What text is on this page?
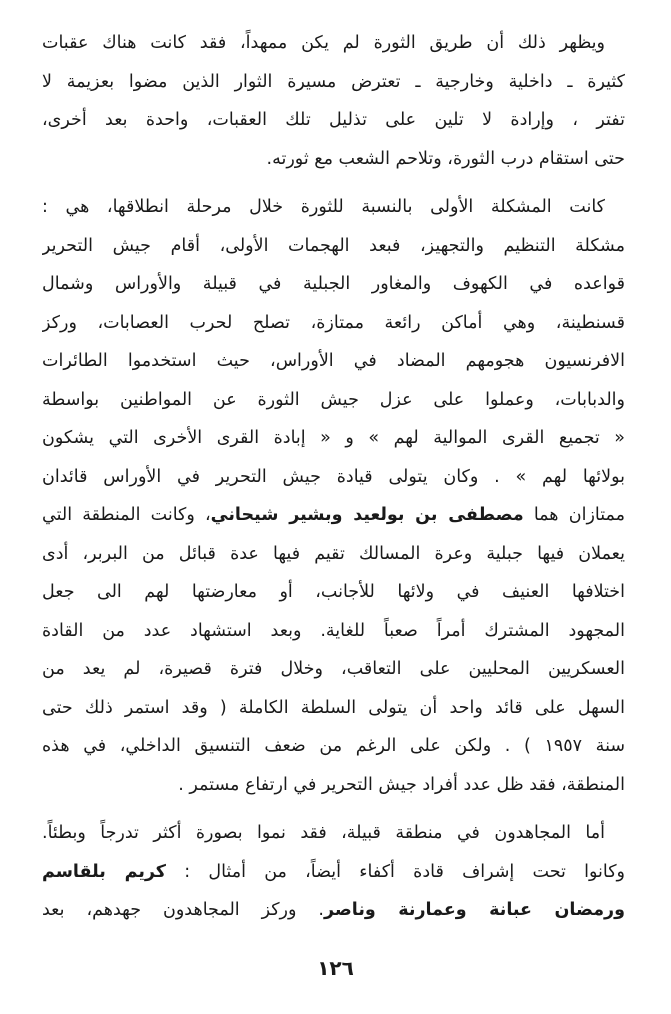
ويظهر ذلك أن طريق الثورة لم يكن ممهداً، فقد كانت هناك عقبات
كثيرة ـ داخلية وخارجية ـ تعترض مسيرة الثوار الذين مضوا بعزيمة لا
تفتر ، وإرادة لا تلين على تذليل تلك العقبات، واحدة بعد أخرى،
حتى استقام درب الثورة، وتلاحم الشعب مع ثورته.
كانت المشكلة الأولى بالنسبة للثورة خلال مرحلة انطلاقها، هي :
مشكلة التنظيم والتجهيز، فبعد الهجمات الأولى، أقام جيش التحرير
قواعده في الكهوف والمغاور الجبلية في قبيلة والأوراس وشمال
قسنطينة، وهي أماكن رائعة ممتازة، تصلح لحرب العصابات، وركز
الافرنسيون هجومهم المضاد في الأوراس، حيث استخدموا الطائرات
والدبابات، وعملوا على عزل جيش الثورة عن المواطنين بواسطة
« تجميع القرى الموالية لهم » و « إبادة القرى الأخرى التي يشكون
بولائها لهم » . وكان يتولى قيادة جيش التحرير في الأوراس قائدان
ممتازان هما مصطفى بن بولعيد وبشير شيحاني، وكانت المنطقة التي
يعملان فيها جبلية وعرة المسالك تقيم فيها عدة قبائل من البربر، أدى
اختلافها العنيف في ولائها للأجانب، أو معارضتها لهم الى جعل
المجهود المشترك أمراً صعباً للغاية. وبعد استشهاد عدد من القادة
العسكريين المحليين على التعاقب، وخلال فترة قصيرة، لم يعد من
السهل على قائد واحد أن يتولى السلطة الكاملة ( وقد استمر ذلك حتى
سنة ١٩٥٧ ) . ولكن على الرغم من ضعف التنسيق الداخلي، في هذه
المنطقة، فقد ظل عدد أفراد جيش التحرير في ارتفاع مستمر .
أما المجاهدون في منطقة قبيلة، فقد نموا بصورة أكثر تدرجاً وبطئاً.
وكانوا تحت إشراف قادة أكفاء أيضاً، من أمثال : كريم بلقاسم
ورمضان عبانة وعمارنة وناصر. وركز المجاهدون جهدهم، بعد
١٢٦
